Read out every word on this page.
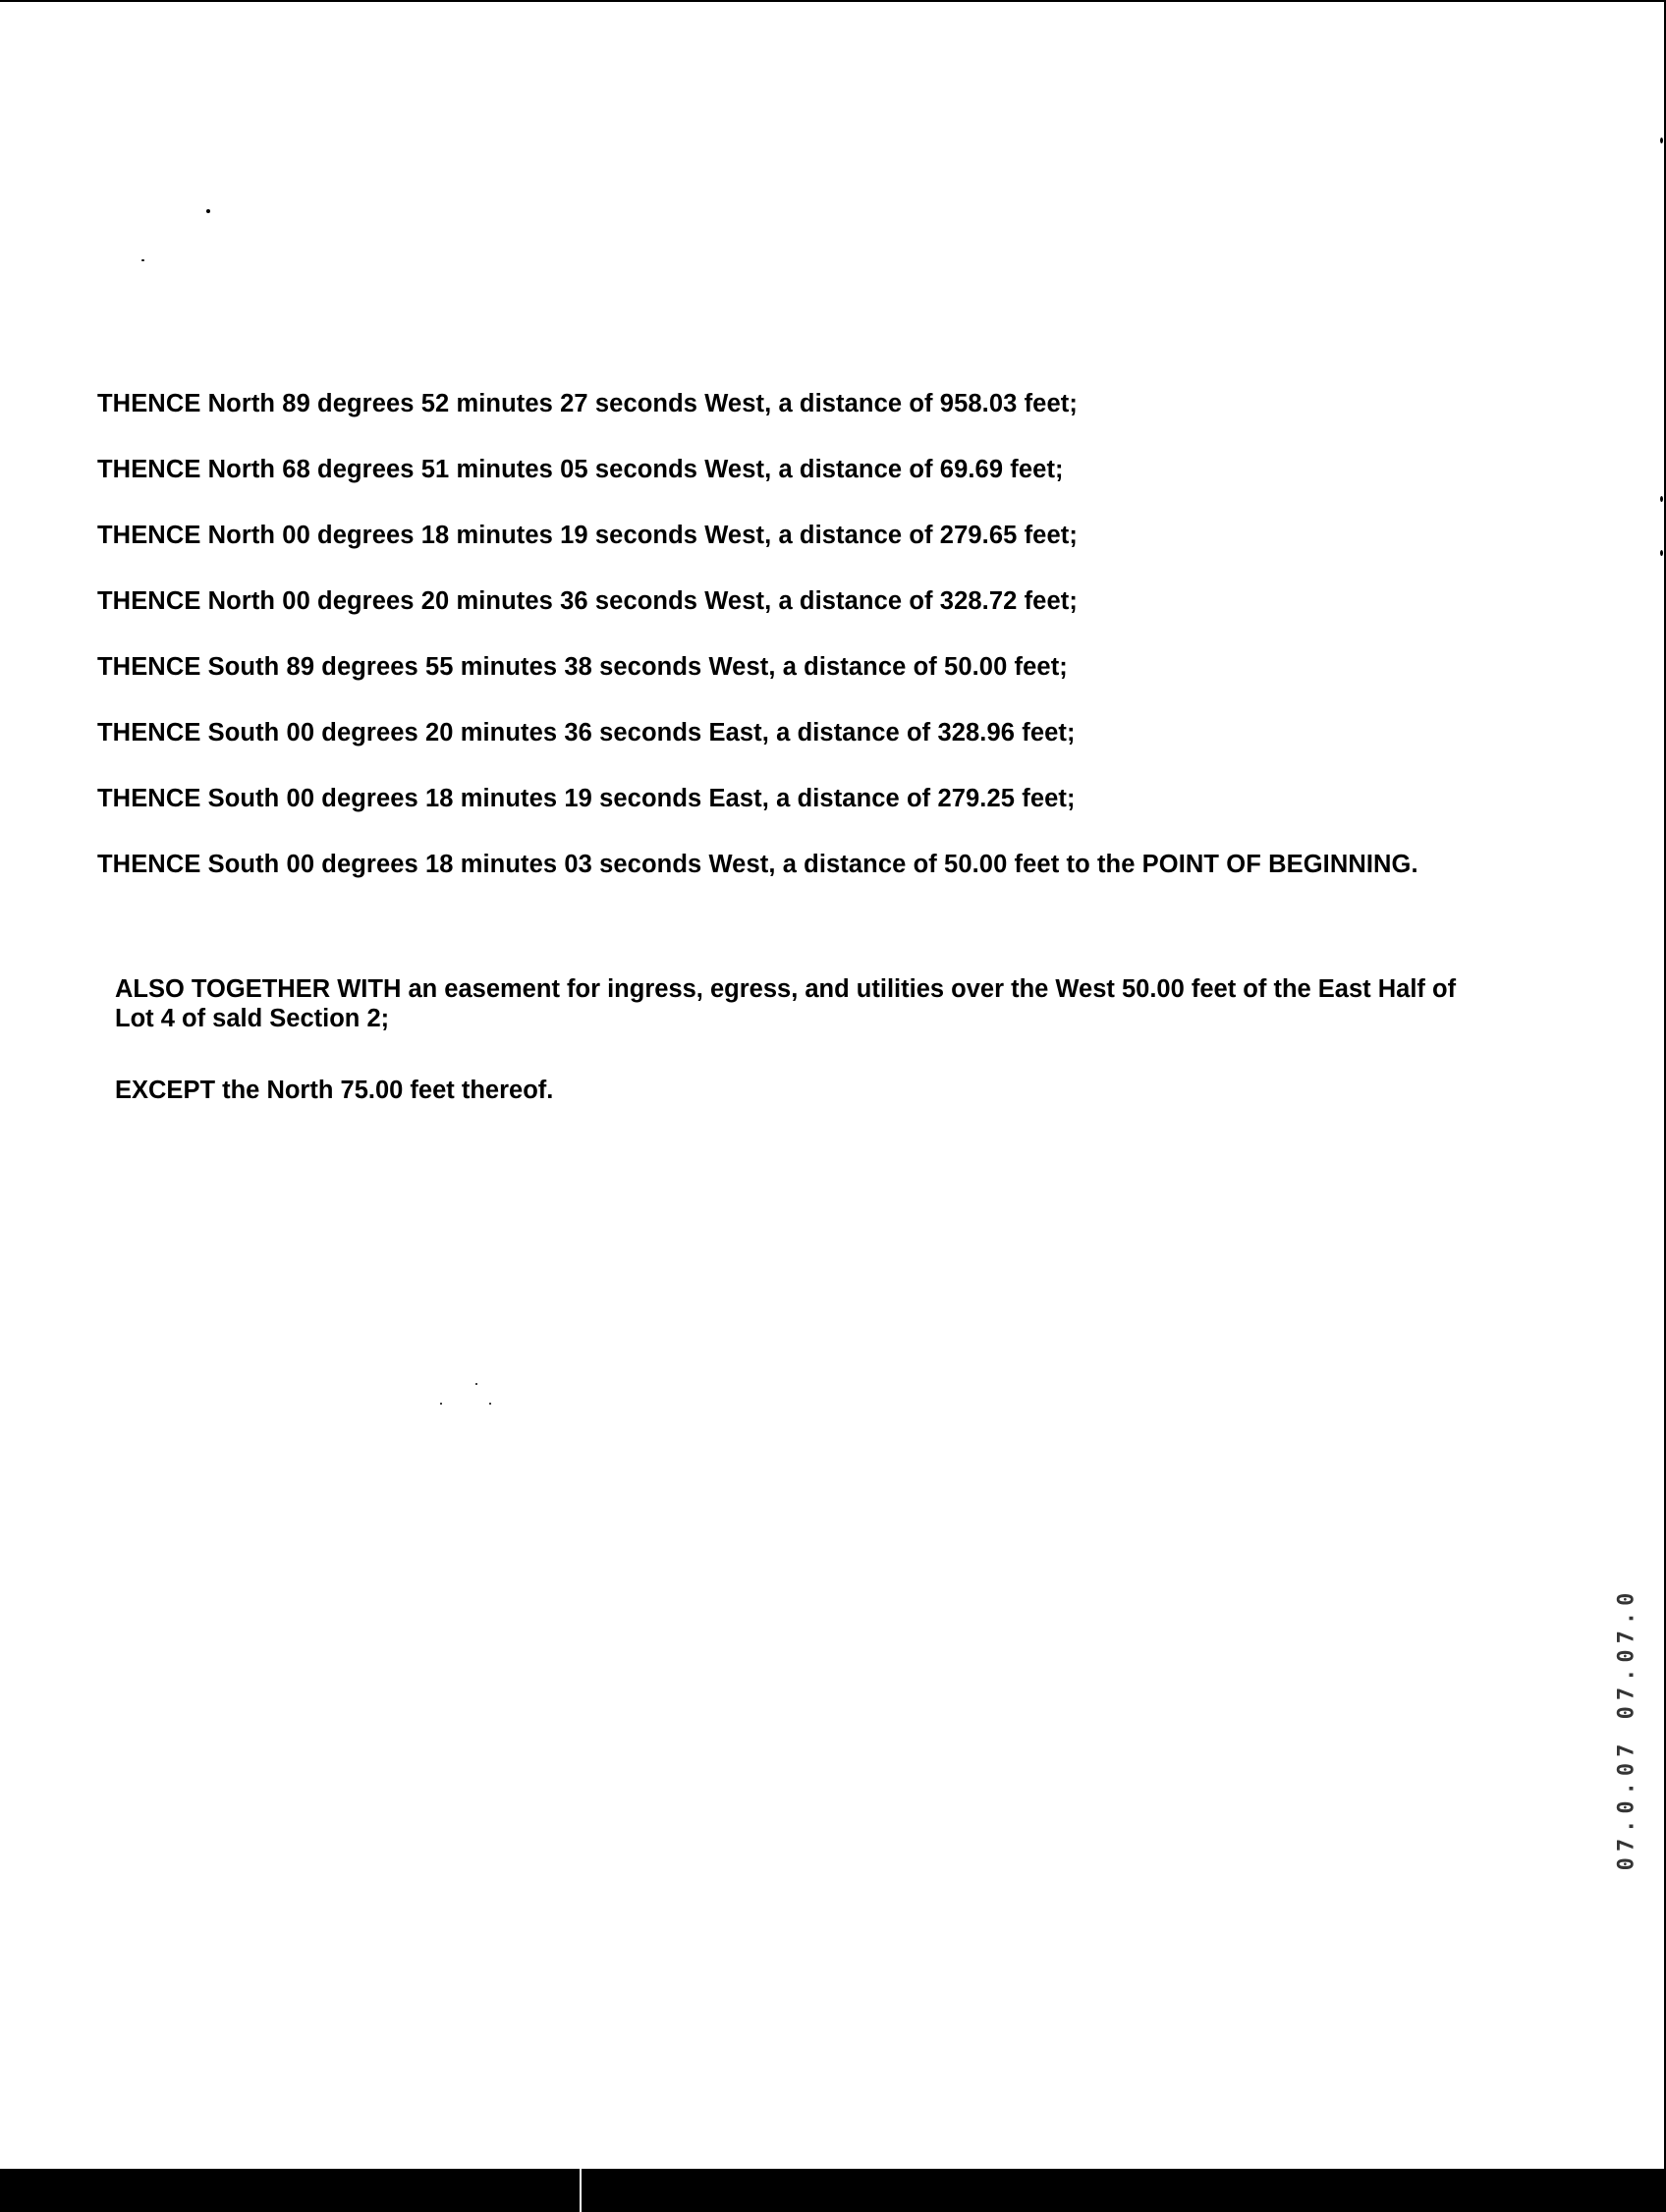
THENCE North 89 degrees 52 minutes 27 seconds West, a distance of 958.03 feet;
THENCE North 68 degrees 51 minutes 05 seconds West, a distance of 69.69 feet;
THENCE North 00 degrees 18 minutes 19 seconds West, a distance of 279.65 feet;
THENCE North 00 degrees 20 minutes 36 seconds West, a distance of 328.72 feet;
THENCE South 89 degrees 55 minutes 38 seconds West, a distance of 50.00 feet;
THENCE South 00 degrees 20 minutes 36 seconds East, a distance of 328.96 feet;
THENCE South 00 degrees 18 minutes 19 seconds East, a distance of 279.25 feet;
THENCE South 00 degrees 18 minutes 03 seconds West, a distance of 50.00 feet to the POINT OF BEGINNING.

ALSO TOGETHER WITH an easement for ingress, egress, and utilities over the West 50.00 feet of the East Half of

Lot 4 of sald Section 2;

EXCEPT the North 75.00 feet thereof.
07.0.07 07.07.0
